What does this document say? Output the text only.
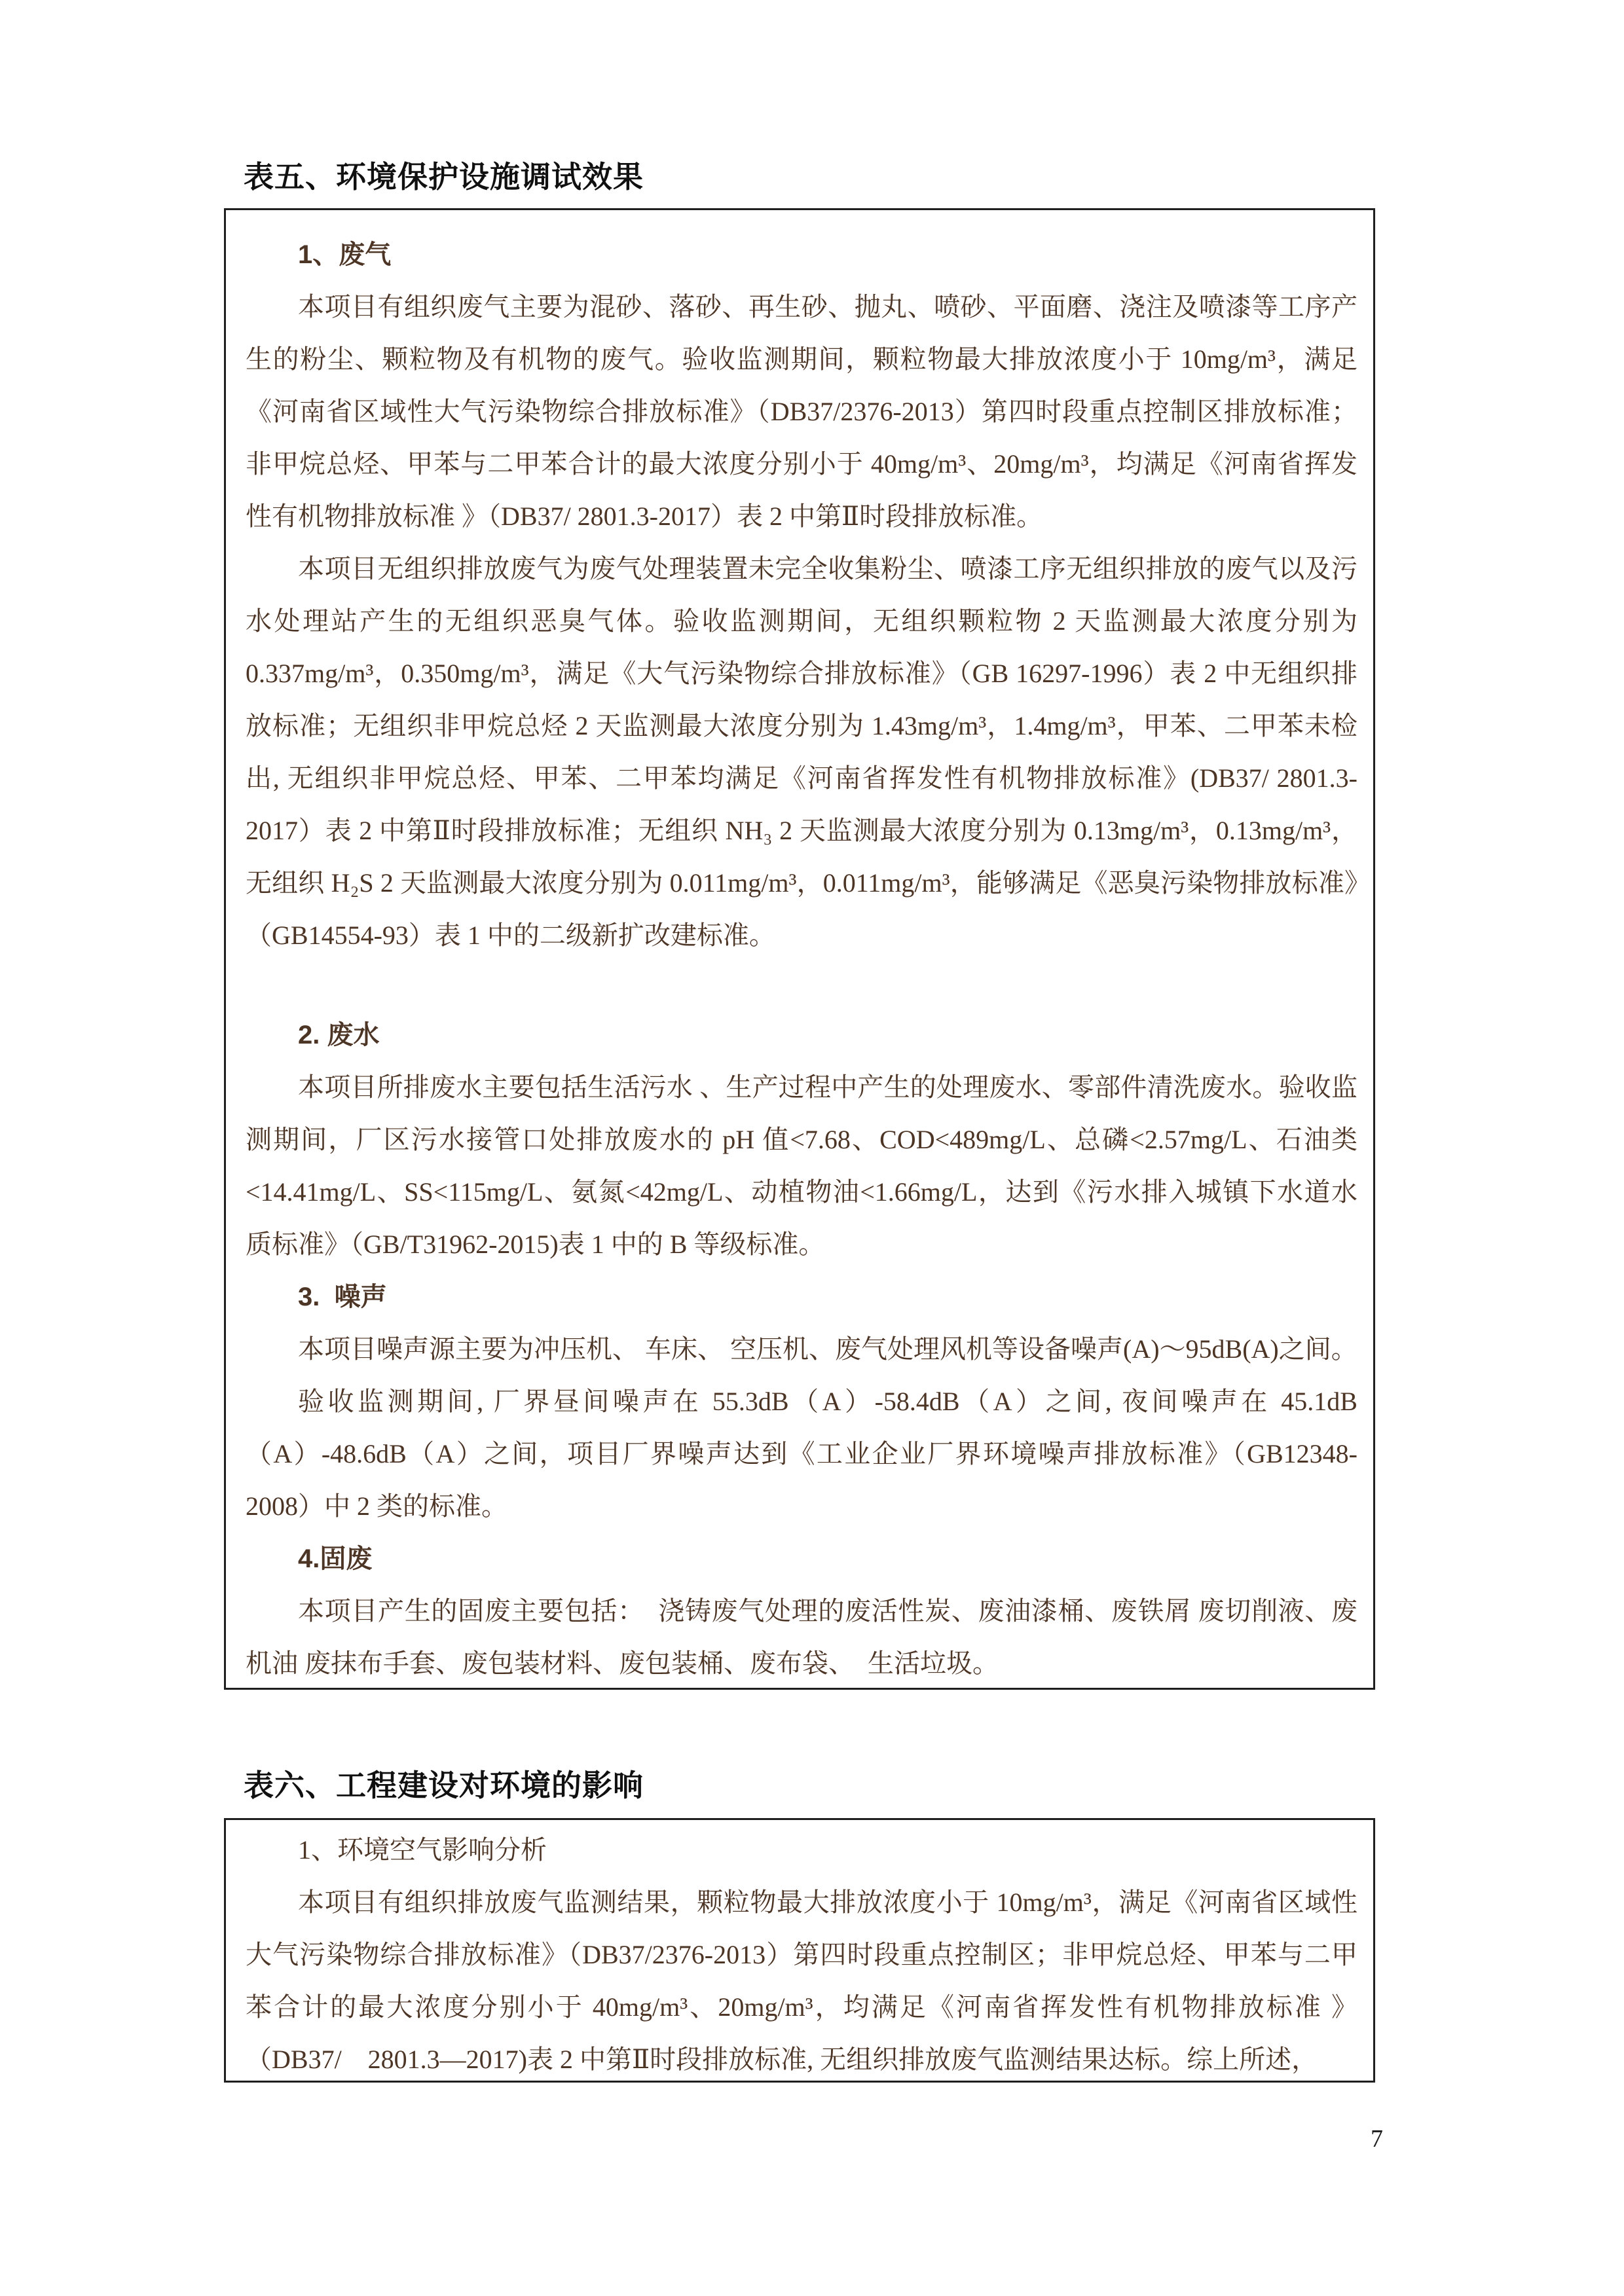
表五、环境保护设施调试效果

1、废气

本项目有组织废气主要为混砂、落砂、再生砂、抛丸、喷砂、平面磨、浇注及喷漆等工序产生的粉尘、颗粒物及有机物的废气。验收监测期间，颗粒物最大排放浓度小于 10mg/m³，满足《河南省区域性大气污染物综合排放标准》（DB37/2376-2013）第四时段重点控制区排放标准；非甲烷总烃、甲苯与二甲苯合计的最大浓度分别小于 40mg/m³、20mg/m³，均满足《河南省挥发性有机物排放标准 》（DB37/ 2801.3-2017）表 2 中第Ⅱ时段排放标准。

本项目无组织排放废气为废气处理装置未完全收集粉尘、喷漆工序无组织排放的废气以及污水处理站产生的无组织恶臭气体。验收监测期间，无组织颗粒物 2 天监测最大浓度分别为 0.337mg/m³，0.350mg/m³，满足《大气污染物综合排放标准》（GB 16297-1996）表 2 中无组织排放标准；无组织非甲烷总烃 2 天监测最大浓度分别为 1.43mg/m³，1.4mg/m³，甲苯、二甲苯未检出, 无组织非甲烷总烃、甲苯、二甲苯均满足《河南省挥发性有机物排放标准》(DB37/ 2801.3-2017）表 2 中第Ⅱ时段排放标准；无组织 NH₃ 2 天监测最大浓度分别为 0.13mg/m³，0.13mg/m³，无组织 H₂S 2 天监测最大浓度分别为 0.011mg/m³，0.011mg/m³，能够满足《恶臭污染物排放标准》（GB14554-93）表 1 中的二级新扩改建标准。

2. 废水

本项目所排废水主要包括生活污水 、生产过程中产生的处理废水、零部件清洗废水。验收监测期间，厂区污水接管口处排放废水的 pH 值<7.68、COD<489mg/L、总磷<2.57mg/L、石油类<14.41mg/L、SS<115mg/L、氨氮<42mg/L、动植物油<1.66mg/L，达到《污水排入城镇下水道水质标准》（GB/T31962-2015)表 1 中的 B 等级标准。

3.  噪声

本项目噪声源主要为冲压机、 车床、 空压机、废气处理风机等设备噪声(A)～95dB(A)之间。

验收监测期间, 厂界昼间噪声在 55.3dB（A）-58.4dB（A）之间, 夜间噪声在 45.1dB（A）-48.6dB（A）之间，项目厂界噪声达到《工业企业厂界环境噪声排放标准》（GB12348-2008）中 2 类的标准。

4.固废

本项目产生的固废主要包括：  浇铸废气处理的废活性炭、废油漆桶、废铁屑 废切削液、废机油 废抹布手套、废包装材料、废包装桶、废布袋、  生活垃圾。

表六、工程建设对环境的影响

1、环境空气影响分析

本项目有组织排放废气监测结果，颗粒物最大排放浓度小于 10mg/m³，满足《河南省区域性大气污染物综合排放标准》（DB37/2376-2013）第四时段重点控制区；非甲烷总烃、甲苯与二甲苯合计的最大浓度分别小于 40mg/m³、20mg/m³，均满足《河南省挥发性有机物排放标准 》（DB37/    2801.3—2017)表 2 中第Ⅱ时段排放标准, 无组织排放废气监测结果达标。综上所述，

7
